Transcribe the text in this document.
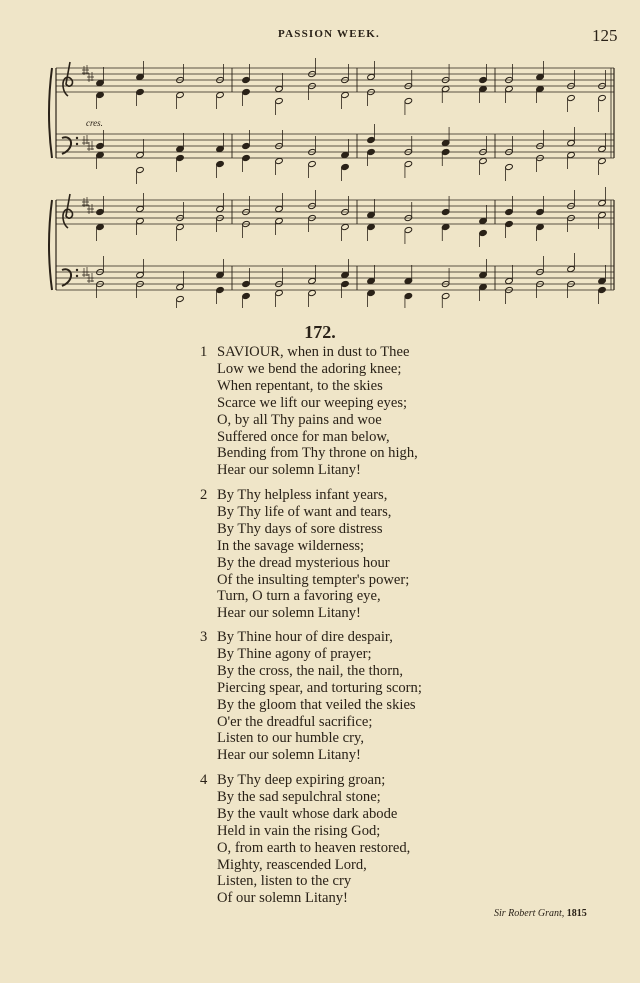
PASSION WEEK.	125
cres.
172.
1 SAVIOUR, when in dust to Thee
Low we bend the adoring knee;
When repentant, to the skies
Scarce we lift our weeping eyes;
O, by all Thy pains and woe
Suffered once for man below,
Bending from Thy throne on high,
Hear our solemn Litany!
2 By Thy helpless infant years,
By Thy life of want and tears,
By Thy days of sore distress
In the savage wilderness;
By the dread mysterious hour
Of the insulting tempter's power;
Turn, O turn a favoring eye,
Hear our solemn Litany!
3 By Thine hour of dire despair,
By Thine agony of prayer;
By the cross, the nail, the thorn,
Piercing spear, and torturing scorn;
By the gloom that veiled the skies
O'er the dreadful sacrifice;
Listen to our humble cry,
Hear our solemn Litany!
4 By Thy deep expiring groan;
By the sad sepulchral stone;
By the vault whose dark abode
Held in vain the rising God;
O, from earth to heaven restored,
Mighty, reascended Lord,
Listen, listen to the cry
Of our solemn Litany!
Sir Robert Grant, 1815
